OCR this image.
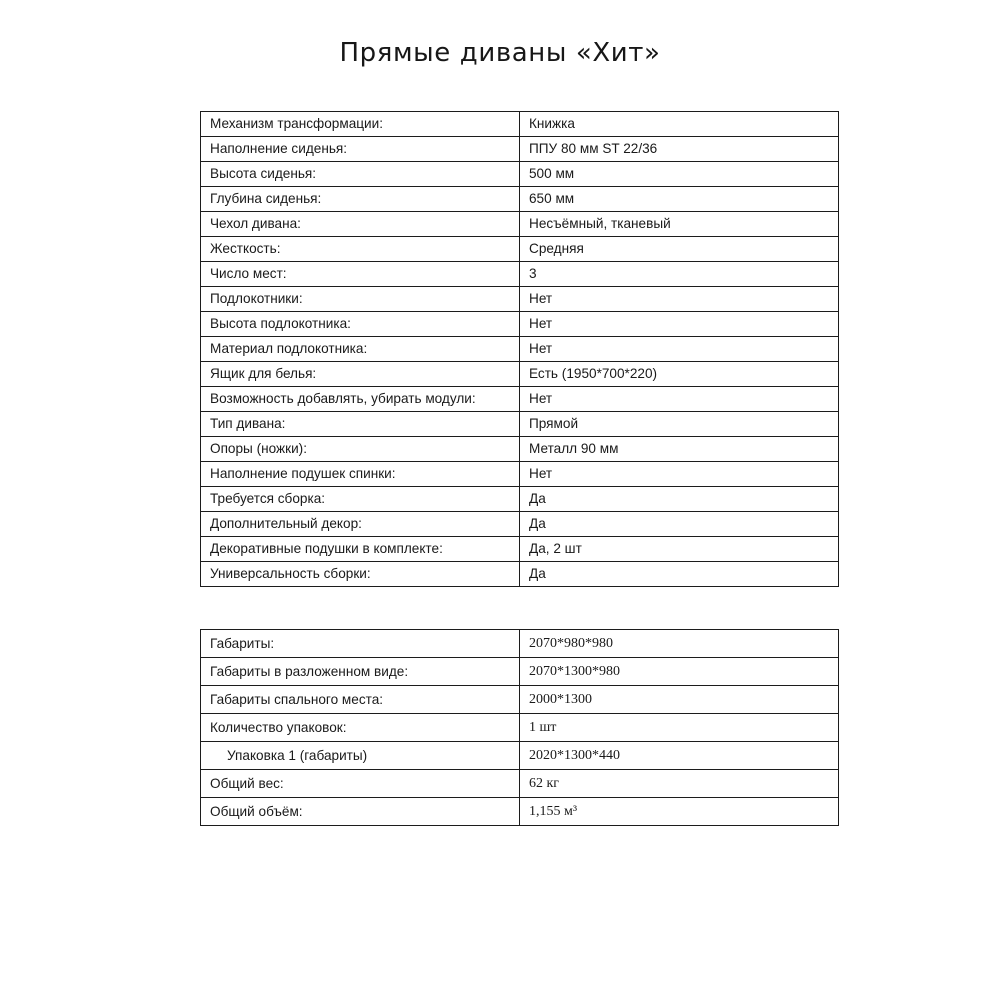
Прямые диваны «Хит»
Механизм трансформации:	Книжка
Наполнение сиденья:	ППУ 80 мм ST 22/36
Высота сиденья:	500 мм
Глубина сиденья:	650 мм
Чехол дивана:	Несъёмный, тканевый
Жесткость:	Средняя
Число мест:	3
Подлокотники:	Нет
Высота подлокотника:	Нет
Материал подлокотника:	Нет
Ящик для белья:	Есть (1950*700*220)
Возможность добавлять, убирать модули:	Нет
Тип дивана:	Прямой
Опоры (ножки):	Металл 90 мм
Наполнение подушек спинки:	Нет
Требуется сборка:	Да
Дополнительный декор:	Да
Декоративные подушки в комплекте:	Да, 2 шт
Универсальность сборки:	Да
Габариты:	2070*980*980
Габариты в разложенном виде:	2070*1300*980
Габариты спального места:	2000*1300
Количество упаковок:	1 шт
Упаковка 1 (габариты)	2020*1300*440
Общий вес:	62 кг
Общий объём:	1,155 м³
